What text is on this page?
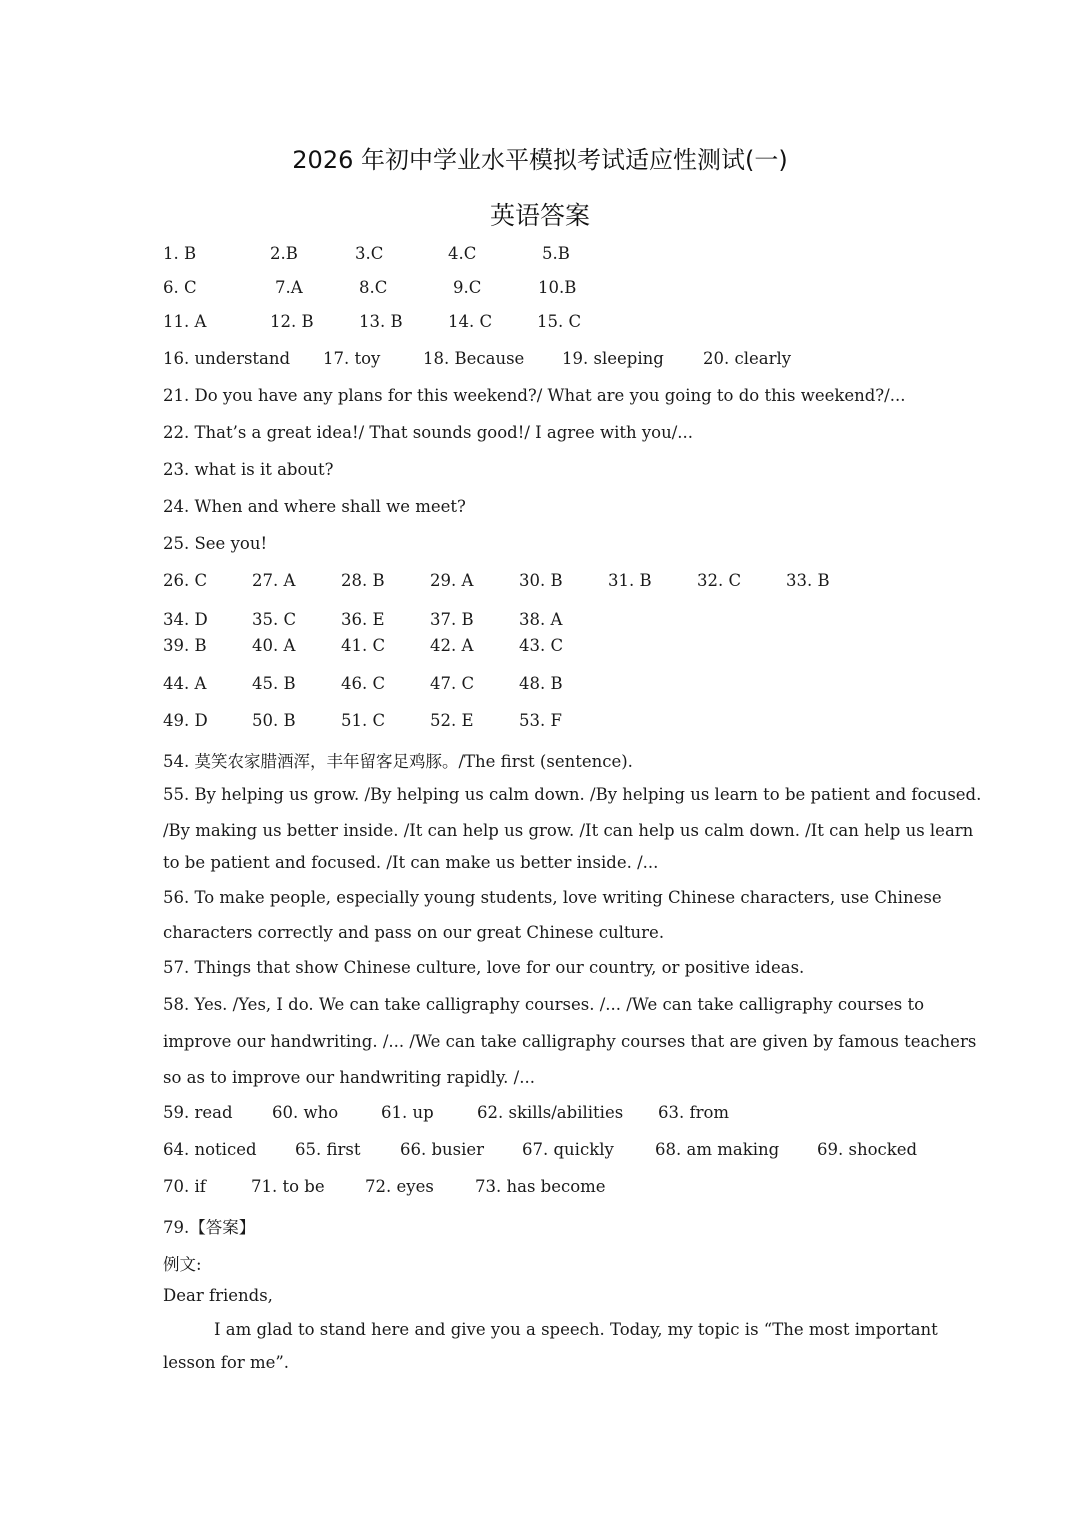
2026 年初中学业水平模拟考试适应性测试(一)
英语答案
1. B	2.B	3.C	4.C	5.B
6. C	7.A	8.C	9.C	10.B
11. A	12. B	13. B	14. C	15. C
16. understand 17. toy	18. Because 19. sleeping 20. clearly
21. Do you have any plans for this weekend?/ What are you going to do this weekend?/...
22. That’s a great idea!/ That sounds good!/ I agree with you/...
23. what is it about?
24. When and where shall we meet?
25. See you!
26. C	27. A	28. B	29. A	30. B	31. B	32. C	33. B
34. D	35. C	36. E	37. B	38. A
39. B	40. A	41. C	42. A	43. C
44. A	45. B	46. C	47. C	48. B
49. D	50. B	51. C	52. E	53. F
54. 莫笑农家腊酒浑，丰年留客足鸡豚。/The first (sentence).
55. By helping us grow. /By helping us calm down. /By helping us learn to be patient and focused.
/By making us better inside. /It can help us grow. /It can help us calm down. /It can help us learn
to be patient and focused. /It can make us better inside. /...
56. To make people, especially young students, love writing Chinese characters, use Chinese
characters correctly and pass on our great Chinese culture.
57. Things that show Chinese culture, love for our country, or positive ideas.
58. Yes. /Yes, I do. We can take calligraphy courses. /... /We can take calligraphy courses to
improve our handwriting. /... /We can take calligraphy courses that are given by famous teachers
so as to improve our handwriting rapidly. /...
59. read 60. who	61. up	62. skills/abilities 63. from
64. noticed 65. first 66. busier 67. quickly 68. am making 69. shocked
70. if	71. to be 72. eyes 73. has become
79.【答案】
例文:
Dear friends,
I am glad to stand here and give you a speech. Today, my topic is “The most important
lesson for me”.
